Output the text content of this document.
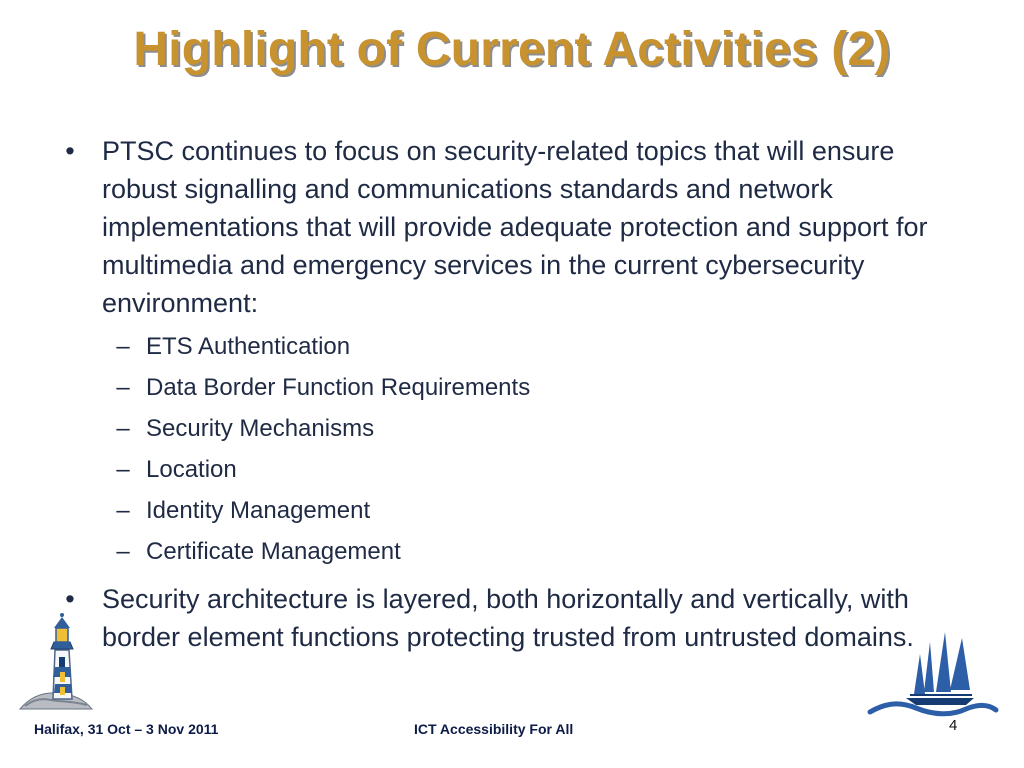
Highlight of Current Activities (2)
• PTSC continues to focus on security-related topics that will ensure robust signalling and communications standards and network implementations that will provide adequate protection and support for multimedia and emergency services in the current cybersecurity environment:
– ETS Authentication
– Data Border Function Requirements
– Security Mechanisms
– Location
– Identity Management
– Certificate Management
• Security architecture is layered, both horizontally and vertically, with border element functions protecting trusted from untrusted domains.
Halifax, 31 Oct – 3 Nov 2011	ICT Accessibility For All	4
